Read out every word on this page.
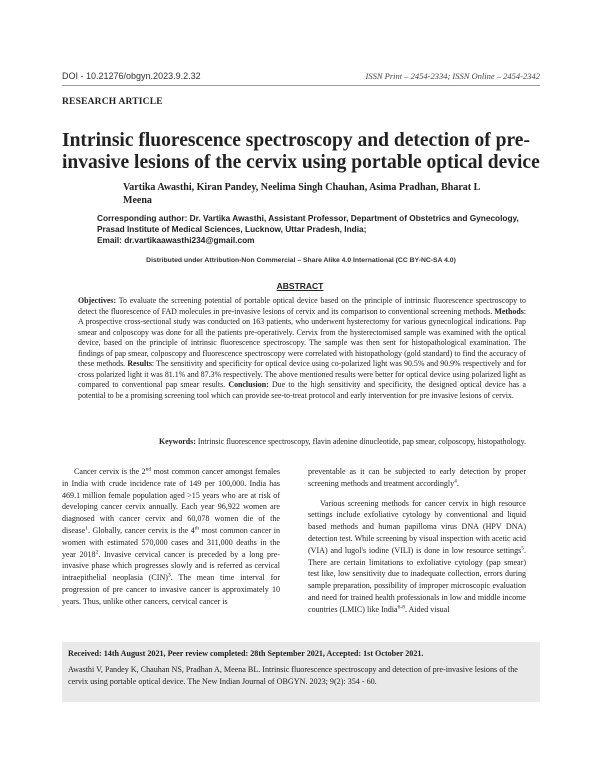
DOI - 10.21276/obgyn.2023.9.2.32	ISSN Print – 2454-2334; ISSN Online – 2454-2342
RESEARCH ARTICLE
Intrinsic fluorescence spectroscopy and detection of pre-invasive lesions of the cervix using portable optical device
Vartika Awasthi, Kiran Pandey, Neelima Singh Chauhan, Asima Pradhan, Bharat L Meena
Corresponding author: Dr. Vartika Awasthi, Assistant Professor, Department of Obstetrics and Gynecology, Prasad Institute of Medical Sciences, Lucknow, Uttar Pradesh, India;
Email: dr.vartikaawasthi234@gmail.com
Distributed under Attribution-Non Commercial – Share Alike 4.0 International (CC BY-NC-SA 4.0)
ABSTRACT
Objectives: To evaluate the screening potential of portable optical device based on the principle of intrinsic fluorescence spectroscopy to detect the fluorescence of FAD molecules in pre-invasive lesions of cervix and its comparison to conventional screening methods. Methods: A prospective cross-sectional study was conducted on 163 patients, who underwent hysterectomy for various gynecological indications. Pap smear and colposcopy was done for all the patients pre-operatively. Cervix from the hysterectomised sample was examined with the optical device, based on the principle of intrinsic fluorescence spectroscopy. The sample was then sent for histopathological examination. The findings of pap smear, colposcopy and fluorescence spectroscopy were correlated with histopathology (gold standard) to find the accuracy of these methods. Results: The sensitivity and specificity for optical device using co-polarized light was 90.5% and 90.9% respectively and for cross polarized light it was 81.1% and 87.3% respectively. The above mentioned results were better for optical device using polarized light as compared to conventional pap smear results. Conclusion: Due to the high sensitivity and specificity, the designed optical device has a potential to be a promising screening tool which can provide see-to-treat protocol and early intervention for pre invasive lesions of cervix.
Keywords: Intrinsic fluorescence spectroscopy, flavin adenine dinucleotide, pap smear, colposcopy, histopathology.

Cancer cervix is the 2nd most common cancer amongst females in India with crude incidence rate of 149 per 100,000. India has 469.1 million female population aged >15 years who are at risk of developing cancer cervix annually. Each year 96,922 women are diagnosed with cancer cervix and 60,078 women die of the disease$^1$. Globally, cancer cervix is the 4th most common cancer in women with estimated 570,000 cases and 311,000 deaths in the year 2018$^2$. Invasive cervical cancer is preceded by a long pre-invasive phase which progresses slowly and is referred as cervical intraepithelial neoplasia (CIN)$^3$. The mean time interval for progression of pre cancer to invasive cancer is approximately 10 years. Thus, unlike other cancers, cervical cancer is

preventable as it can be subjected to early detection by proper screening methods and treatment accordingly$^4$.

Various screening methods for cancer cervix in high resource settings include exfoliative cytology by conventional and liquid based methods and human papilloma virus DNA (HPV DNA) detection test. While screening by visual inspection with acetic acid (VIA) and lugol's iodine (VILI) is done in low resource settings$^5$. There are certain limitations to exfoliative cytology (pap smear) test like, low sensitivity due to inadequate collection, errors during sample preparation, possibility of improper microscopic evaluation and need for trained health professionals in low and middle income countries (LMIC) like India$^{6-8}$. Aided visual

Received: 14th August 2021, Peer review completed: 28th September 2021, Accepted: 1st October 2021.
Awasthi V, Pandey K, Chauhan NS, Pradhan A, Meena BL. Intrinsic fluorescence spectroscopy and detection of pre-invasive lesions of the cervix using portable optical device. The New Indian Journal of OBGYN. 2023; 9(2): 354 - 60.
